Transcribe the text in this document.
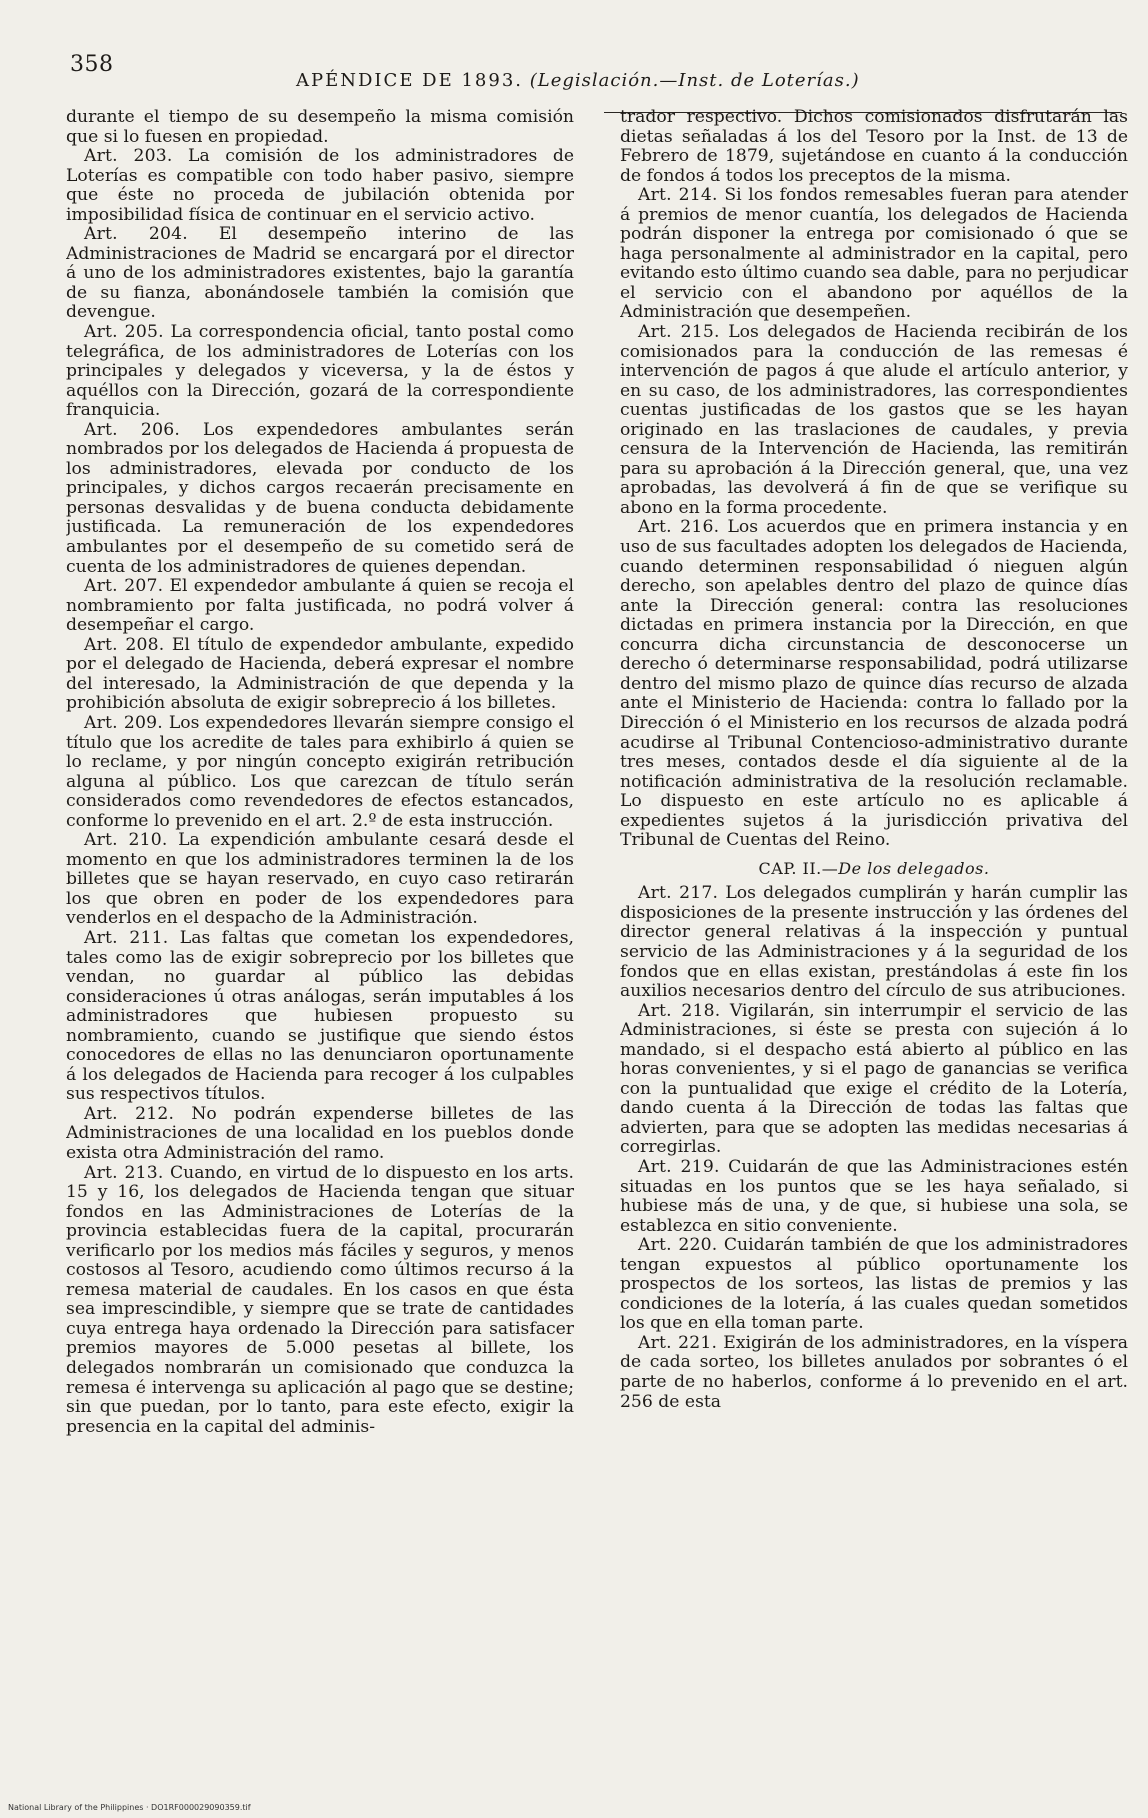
358
APÉNDICE DE 1893. (Legislación.—Inst. de Loterías.)

durante el tiempo de su desempeño la misma comisión que si lo fuesen en propiedad.

Art. 203. La comisión de los administradores de Loterías es compatible con todo haber pasivo, siempre que éste no proceda de jubilación obtenida por imposibilidad física de continuar en el servicio activo.

Art. 204. El desempeño interino de las Administraciones de Madrid se encargará por el director á uno de los administradores existentes, bajo la garantía de su fianza, abonándosele también la comisión que devengue.

Art. 205. La correspondencia oficial, tanto postal como telegráfica, de los administradores de Loterías con los principales y delegados y viceversa, y la de éstos y aquéllos con la Dirección, gozará de la correspondiente franquicia.

Art. 206. Los expendedores ambulantes serán nombrados por los delegados de Hacienda á propuesta de los administradores, elevada por conducto de los principales, y dichos cargos recaerán precisamente en personas desvalidas y de buena conducta debidamente justificada. La remuneración de los expendedores ambulantes por el desempeño de su cometido será de cuenta de los administradores de quienes dependan.

Art. 207. El expendedor ambulante á quien se recoja el nombramiento por falta justificada, no podrá volver á desempeñar el cargo.

Art. 208. El título de expendedor ambulante, expedido por el delegado de Hacienda, deberá expresar el nombre del interesado, la Administración de que dependa y la prohibición absoluta de exigir sobreprecio á los billetes.

Art. 209. Los expendedores llevarán siempre consigo el título que los acredite de tales para exhibirlo á quien se lo reclame, y por ningún concepto exigirán retribución alguna al público. Los que carezcan de título serán considerados como revendedores de efectos estancados, conforme lo prevenido en el art. 2.º de esta instrucción.

Art. 210. La expendición ambulante cesará desde el momento en que los administradores terminen la de los billetes que se hayan reservado, en cuyo caso retirarán los que obren en poder de los expendedores para venderlos en el despacho de la Administración.

Art. 211. Las faltas que cometan los expendedores, tales como las de exigir sobreprecio por los billetes que vendan, no guardar al público las debidas consideraciones ú otras análogas, serán imputables á los administradores que hubiesen propuesto su nombramiento, cuando se justifique que siendo éstos conocedores de ellas no las denunciaron oportunamente á los delegados de Hacienda para recoger á los culpables sus respectivos títulos.

Art. 212. No podrán expenderse billetes de las Administraciones de una localidad en los pueblos donde exista otra Administración del ramo.

Art. 213. Cuando, en virtud de lo dispuesto en los arts. 15 y 16, los delegados de Hacienda tengan que situar fondos en las Administraciones de Loterías de la provincia establecidas fuera de la capital, procurarán verificarlo por los medios más fáciles y seguros, y menos costosos al Tesoro, acudiendo como últimos recurso á la remesa material de caudales. En los casos en que ésta sea imprescindible, y siempre que se trate de cantidades cuya entrega haya ordenado la Dirección para satisfacer premios mayores de 5.000 pesetas al billete, los delegados nombrarán un comisionado que conduzca la remesa é intervenga su aplicación al pago que se destine; sin que puedan, por lo tanto, para este efecto, exigir la presencia en la capital del adminis-

trador respectivo. Dichos comisionados disfrutarán las dietas señaladas á los del Tesoro por la Inst. de 13 de Febrero de 1879, sujetándose en cuanto á la conducción de fondos á todos los preceptos de la misma.

Art. 214. Si los fondos remesables fueran para atender á premios de menor cuantía, los delegados de Hacienda podrán disponer la entrega por comisionado ó que se haga personalmente al administrador en la capital, pero evitando esto último cuando sea dable, para no perjudicar el servicio con el abandono por aquéllos de la Administración que desempeñen.

Art. 215. Los delegados de Hacienda recibirán de los comisionados para la conducción de las remesas é intervención de pagos á que alude el artículo anterior, y en su caso, de los administradores, las correspondientes cuentas justificadas de los gastos que se les hayan originado en las traslaciones de caudales, y previa censura de la Intervención de Hacienda, las remitirán para su aprobación á la Dirección general, que, una vez aprobadas, las devolverá á fin de que se verifique su abono en la forma procedente.

Art. 216. Los acuerdos que en primera instancia y en uso de sus facultades adopten los delegados de Hacienda, cuando determinen responsabilidad ó nieguen algún derecho, son apelables dentro del plazo de quince días ante la Dirección general: contra las resoluciones dictadas en primera instancia por la Dirección, en que concurra dicha circunstancia de desconocerse un derecho ó determinarse responsabilidad, podrá utilizarse dentro del mismo plazo de quince días recurso de alzada ante el Ministerio de Hacienda: contra lo fallado por la Dirección ó el Ministerio en los recursos de alzada podrá acudirse al Tribunal Contencioso-administrativo durante tres meses, contados desde el día siguiente al de la notificación administrativa de la resolución reclamable. Lo dispuesto en este artículo no es aplicable á expedientes sujetos á la jurisdicción privativa del Tribunal de Cuentas del Reino.

CAP. II.—De los delegados.

Art. 217. Los delegados cumplirán y harán cumplir las disposiciones de la presente instrucción y las órdenes del director general relativas á la inspección y puntual servicio de las Administraciones y á la seguridad de los fondos que en ellas existan, prestándolas á este fin los auxilios necesarios dentro del círculo de sus atribuciones.

Art. 218. Vigilarán, sin interrumpir el servicio de las Administraciones, si éste se presta con sujeción á lo mandado, si el despacho está abierto al público en las horas convenientes, y si el pago de ganancias se verifica con la puntualidad que exige el crédito de la Lotería, dando cuenta á la Dirección de todas las faltas que advierten, para que se adopten las medidas necesarias á corregirlas.

Art. 219. Cuidarán de que las Administraciones estén situadas en los puntos que se les haya señalado, si hubiese más de una, y de que, si hubiese una sola, se establezca en sitio conveniente.

Art. 220. Cuidarán también de que los administradores tengan expuestos al público oportunamente los prospectos de los sorteos, las listas de premios y las condiciones de la lotería, á las cuales quedan sometidos los que en ella toman parte.

Art. 221. Exigirán de los administradores, en la víspera de cada sorteo, los billetes anulados por sobrantes ó el parte de no haberlos, conforme á lo prevenido en el art. 256 de esta

National Library of the Philippines · DO1RF000029090359.tif
